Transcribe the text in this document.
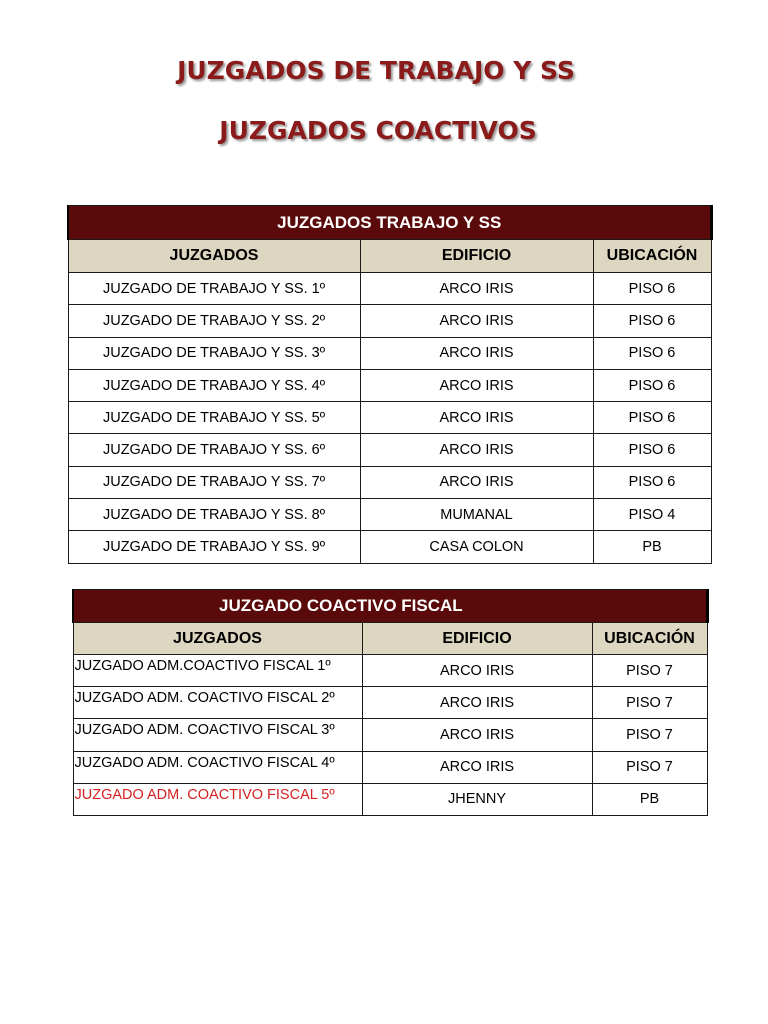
JUZGADOS DE TRABAJO Y SS
JUZGADOS COACTIVOS
JUZGADOS TRABAJO Y SS		
JUZGADOS	EDIFICIO	UBICACIÓN
JUZGADO DE TRABAJO Y SS. 1º	ARCO IRIS	PISO 6
JUZGADO DE TRABAJO Y SS. 2º	ARCO IRIS	PISO 6
JUZGADO DE TRABAJO Y SS. 3º	ARCO IRIS	PISO 6
JUZGADO DE TRABAJO Y SS. 4º	ARCO IRIS	PISO 6
JUZGADO DE TRABAJO Y SS. 5º	ARCO IRIS	PISO 6
JUZGADO DE TRABAJO Y SS. 6º	ARCO IRIS	PISO 6
JUZGADO DE TRABAJO Y SS. 7º	ARCO IRIS	PISO 6
JUZGADO DE TRABAJO Y SS. 8º	MUMANAL	PISO 4
JUZGADO DE TRABAJO Y SS. 9º	CASA COLON	PB
JUZGADO COACTIVO FISCAL		
JUZGADOS	EDIFICIO	UBICACIÓN
JUZGADO ADM.COACTIVO FISCAL 1º	ARCO IRIS	PISO 7
JUZGADO ADM. COACTIVO FISCAL 2º	ARCO IRIS	PISO 7
JUZGADO ADM. COACTIVO FISCAL 3º	ARCO IRIS	PISO 7
JUZGADO ADM. COACTIVO FISCAL 4º	ARCO IRIS	PISO 7
JUZGADO ADM. COACTIVO FISCAL 5º	JHENNY	PB
